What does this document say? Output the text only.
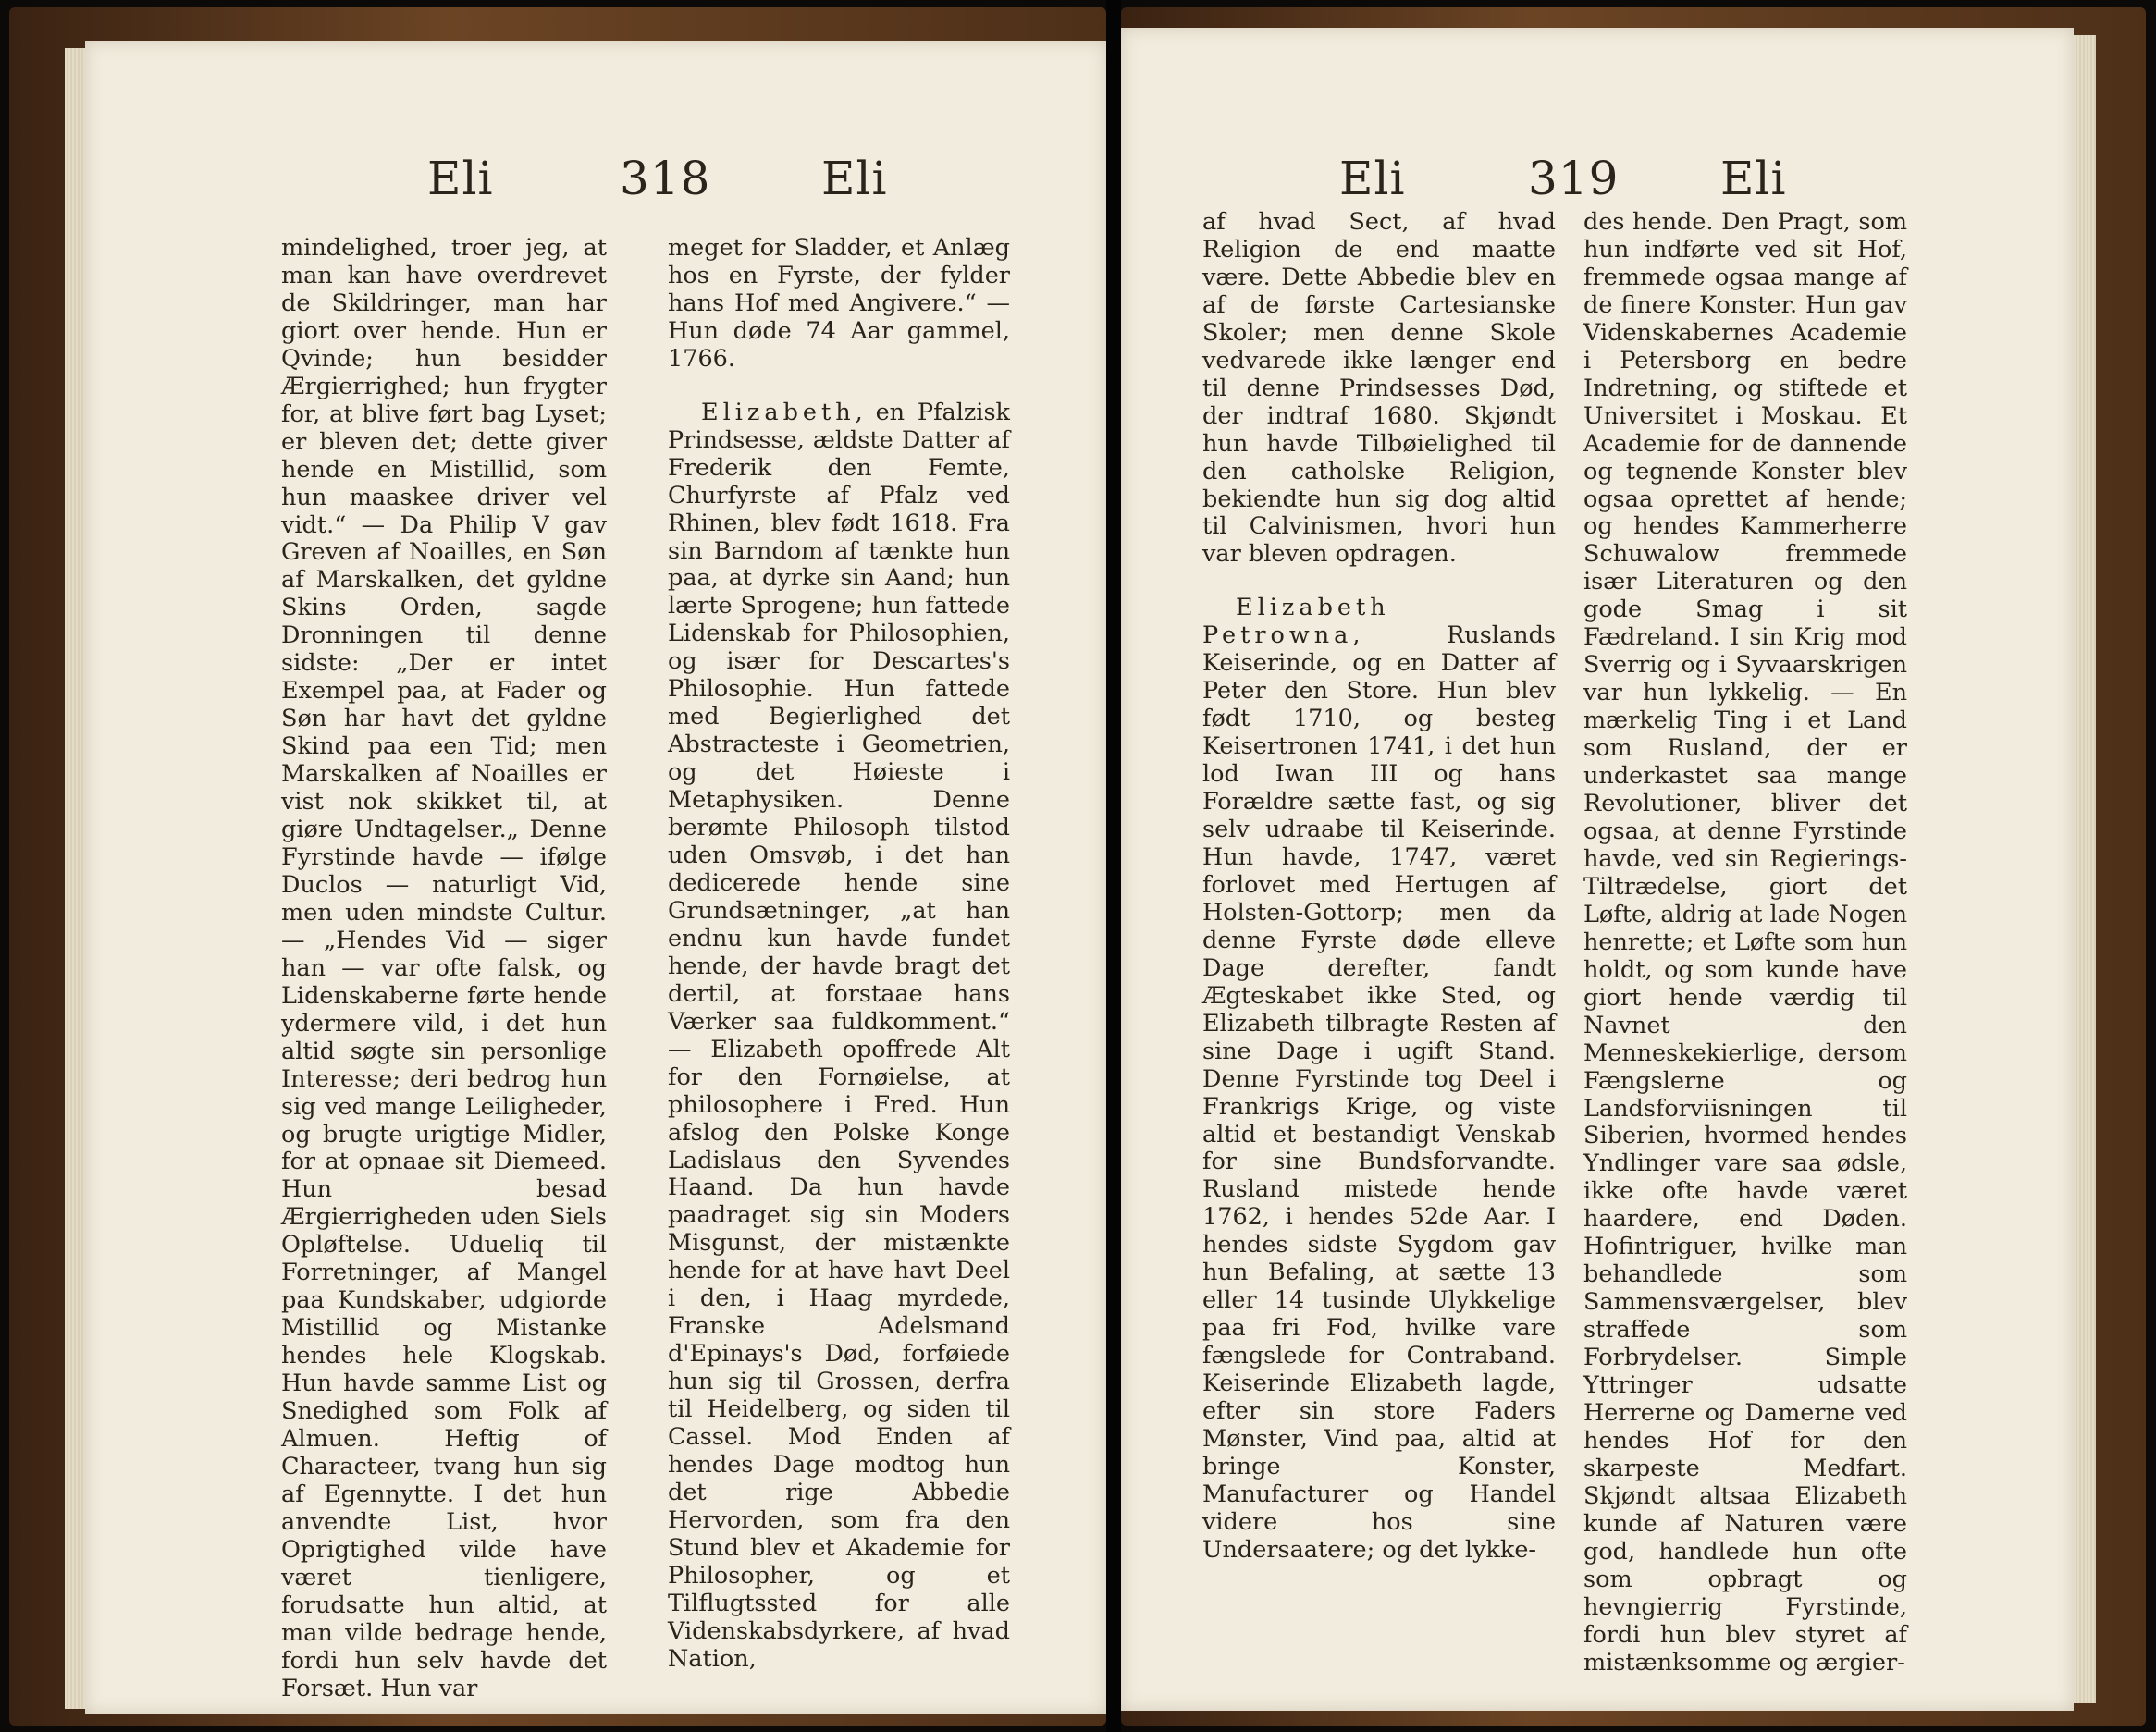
Eli	318 Eli

mindelighed, troer jeg, at man kan have overdrevet de Skildringer, man har giort over hende. Hun er Qvinde; hun besidder Ærgierrighed; hun frygter for, at blive ført bag Lyset; er bleven det; dette giver hende en Mistillid, som hun maaskee driver vel vidt.“ — Da Philip V gav Greven af Noailles, en Søn af Marskalken, det gyldne Skins Orden, sagde Dronningen til denne sidste: „Der er intet Exempel paa, at Fader og Søn har havt det gyldne Skind paa een Tid; men Marskalken af Noailles er vist nok skikket til, at giøre Undtagelser.„ Denne Fyrstinde havde — ifølge Duclos — naturligt Vid, men uden mindste Cultur. — „Hendes Vid — siger han — var ofte falsk, og Lidenskaberne førte hende ydermere vild, i det hun altid søgte sin personlige Interesse; deri bedrog hun sig ved mange Leiligheder, og brugte urigtige Midler, for at opnaae sit Diemeed. Hun besad Ærgierrigheden uden Siels Opløftelse. Udueliq til Forretninger, af Mangel paa Kundskaber, udgiorde Mistillid og Mistanke hendes hele Klogskab. Hun havde samme List og Snedighed som Folk af Almuen. Heftig of Characteer, tvang hun sig af Egennytte. I det hun anvendte List, hvor Oprigtighed vilde have været tienligere, forudsatte hun altid, at man vilde bedrage hende, fordi hun selv havde det Forsæt. Hun var

meget for Sladder, et Anlæg hos en Fyrste, der fylder hans Hof med Angivere.“ — Hun døde 74 Aar gammel, 1766.

Elizabeth, en Pfalzisk Prindsesse, ældste Datter af Frederik den Femte, Churfyrste af Pfalz ved Rhinen, blev født 1618. Fra sin Barndom af tænkte hun paa, at dyrke sin Aand; hun lærte Sprogene; hun fattede Lidenskab for Philosophien, og især for Descartes's Philosophie. Hun fattede med Begierlighed det Abstracteste i Geometrien, og det Høieste i Metaphysiken. Denne berømte Philosoph tilstod uden Omsvøb, i det han dedicerede hende sine Grundsætninger, „at han endnu kun havde fundet hende, der havde bragt det dertil, at forstaae hans Værker saa fuldkomment.“ — Elizabeth opoffrede Alt for den Fornøielse, at philosophere i Fred. Hun afslog den Polske Konge Ladislaus den Syvendes Haand. Da hun havde paadraget sig sin Moders Misgunst, der mistænkte hende for at have havt Deel i den, i Haag myrdede, Franske Adelsmand d'Epinays's Død, forføiede hun sig til Grossen, derfra til Heidelberg, og siden til Cassel. Mod Enden af hendes Dage modtog hun det rige Abbedie Hervorden, som fra den Stund blev et Akademie for Philosopher, og et Tilflugtssted for alle Videnskabsdyrkere, af hvad Nation,

Eli	319 Eli

af hvad Sect, af hvad Religion de end maatte være. Dette Abbedie blev en af de første Cartesianske Skoler; men denne Skole vedvarede ikke længer end til denne Prindsesses Død, der indtraf 1680. Skjøndt hun havde Tilbøielighed til den catholske Religion, bekiendte hun sig dog altid til Calvinismen, hvori hun var bleven opdragen.

Elizabeth Petrowna, Ruslands Keiserinde, og en Datter af Peter den Store. Hun blev født 1710, og besteg Keisertronen 1741, i det hun lod Iwan III og hans Forældre sætte fast, og sig selv udraabe til Keiserinde. Hun havde, 1747, været forlovet med Hertugen af Holsten-Gottorp; men da denne Fyrste døde elleve Dage derefter, fandt Ægteskabet ikke Sted, og Elizabeth tilbragte Resten af sine Dage i ugift Stand. Denne Fyrstinde tog Deel i Frankrigs Krige, og viste altid et bestandigt Venskab for sine Bundsforvandte. Rusland mistede hende 1762, i hendes 52de Aar. I hendes sidste Sygdom gav hun Befaling, at sætte 13 eller 14 tusinde Ulykkelige paa fri Fod, hvilke vare fængslede for Contraband. Keiserinde Elizabeth lagde, efter sin store Faders Mønster, Vind paa, altid at bringe Konster, Manufacturer og Handel videre hos sine Undersaatere; og det lykke-

des hende. Den Pragt, som hun indførte ved sit Hof, fremmede ogsaa mange af de finere Konster. Hun gav Videnskabernes Academie i Petersborg en bedre Indretning, og stiftede et Universitet i Moskau. Et Academie for de dannende og tegnende Konster blev ogsaa oprettet af hende; og hendes Kammerherre Schuwalow fremmede især Literaturen og den gode Smag i sit Fædreland. I sin Krig mod Sverrig og i Syvaarskrigen var hun lykkelig. — En mærkelig Ting i et Land som Rusland, der er underkastet saa mange Revolutioner, bliver det ogsaa, at denne Fyrstinde havde, ved sin Regierings-Tiltrædelse, giort det Løfte, aldrig at lade Nogen henrette; et Løfte som hun holdt, og som kunde have giort hende værdig til Navnet den Menneskekierlige, dersom Fængslerne og Landsforviisningen til Siberien, hvormed hendes Yndlinger vare saa ødsle, ikke ofte havde været haardere, end Døden. Hofintriguer, hvilke man behandlede som Sammensværgelser, blev straffede som Forbrydelser. Simple Yttringer udsatte Herrerne og Damerne ved hendes Hof for den skarpeste Medfart. Skjøndt altsaa Elizabeth kunde af Naturen være god, handlede hun ofte som opbragt og hevngierrig Fyrstinde, fordi hun blev styret af mistænksomme og ærgier-
